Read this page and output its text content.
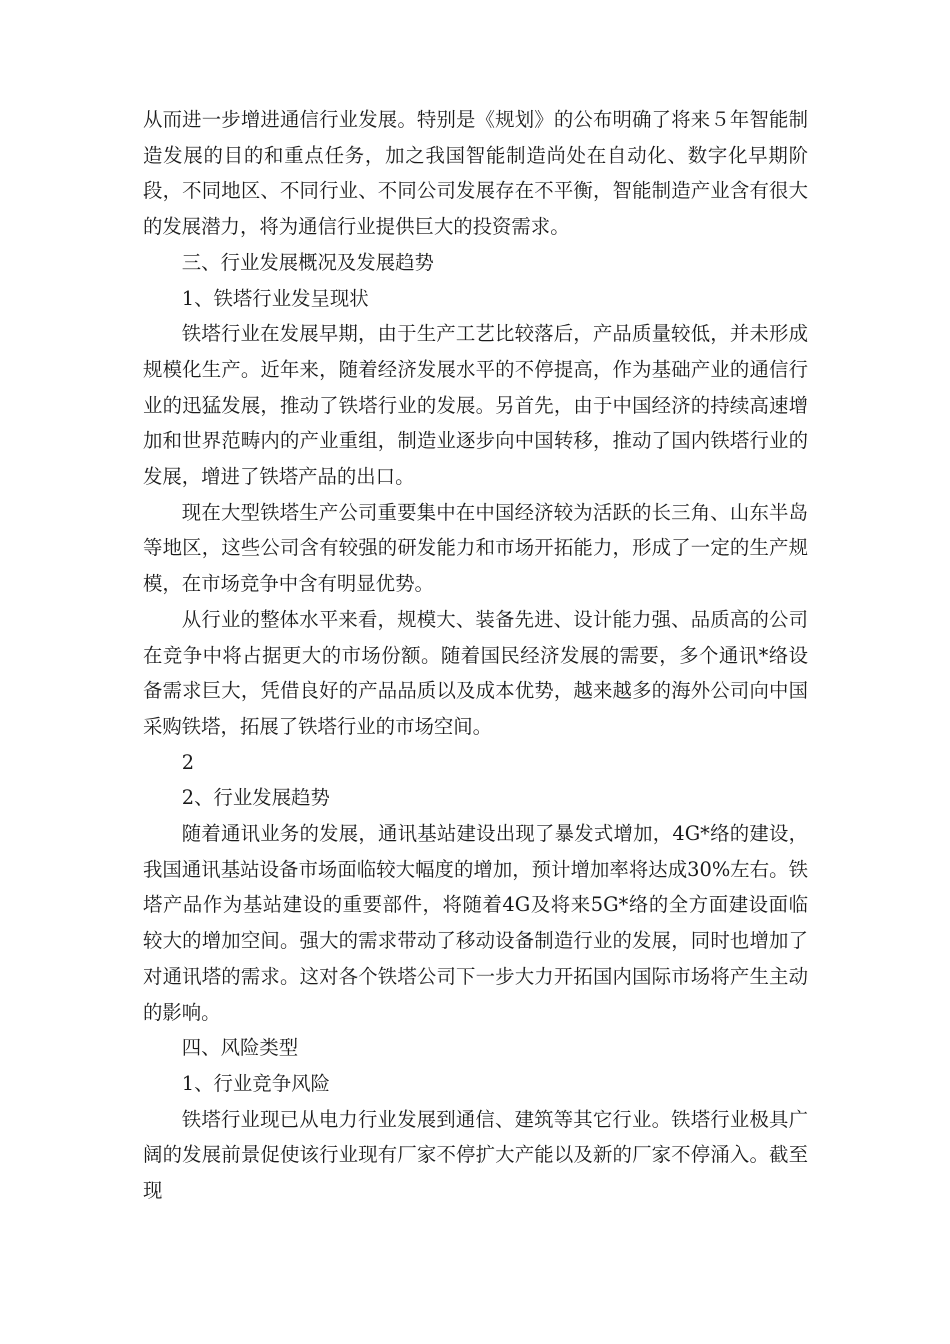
从而进一步增进通信行业发展。特别是《规划》的公布明确了将来５年智能制造发展的目的和重点任务，加之我国智能制造尚处在自动化、数字化早期阶段，不同地区、不同行业、不同公司发展存在不平衡，智能制造产业含有很大的发展潜力，将为通信行业提供巨大的投资需求。

三、行业发展概况及发展趋势

1、铁塔行业发呈现状

铁塔行业在发展早期，由于生产工艺比较落后，产品质量较低，并未形成规模化生产。近年来，随着经济发展水平的不停提高，作为基础产业的通信行业的迅猛发展，推动了铁塔行业的发展。另首先，由于中国经济的持续高速增加和世界范畴内的产业重组，制造业逐步向中国转移，推动了国内铁塔行业的发展，增进了铁塔产品的出口。

现在大型铁塔生产公司重要集中在中国经济较为活跃的长三角、山东半岛等地区，这些公司含有较强的研发能力和市场开拓能力，形成了一定的生产规模，在市场竞争中含有明显优势。

从行业的整体水平来看，规模大、装备先进、设计能力强、品质高的公司在竞争中将占据更大的市场份额。随着国民经济发展的需要，多个通讯*络设备需求巨大，凭借良好的产品品质以及成本优势，越来越多的海外公司向中国采购铁塔，拓展了铁塔行业的市场空间。

2

2、行业发展趋势

随着通讯业务的发展，通讯基站建设出现了暴发式增加，4G*络的建设，我国通讯基站设备市场面临较大幅度的增加，预计增加率将达成30%左右。铁塔产品作为基站建设的重要部件，将随着4G及将来5G*络的全方面建设面临较大的增加空间。强大的需求带动了移动设备制造行业的发展，同时也增加了对通讯塔的需求。这对各个铁塔公司下一步大力开拓国内国际市场将产生主动的影响。

四、风险类型

1、行业竞争风险

铁塔行业现已从电力行业发展到通信、建筑等其它行业。铁塔行业极具广阔的发展前景促使该行业现有厂家不停扩大产能以及新的厂家不停涌入。截至现
